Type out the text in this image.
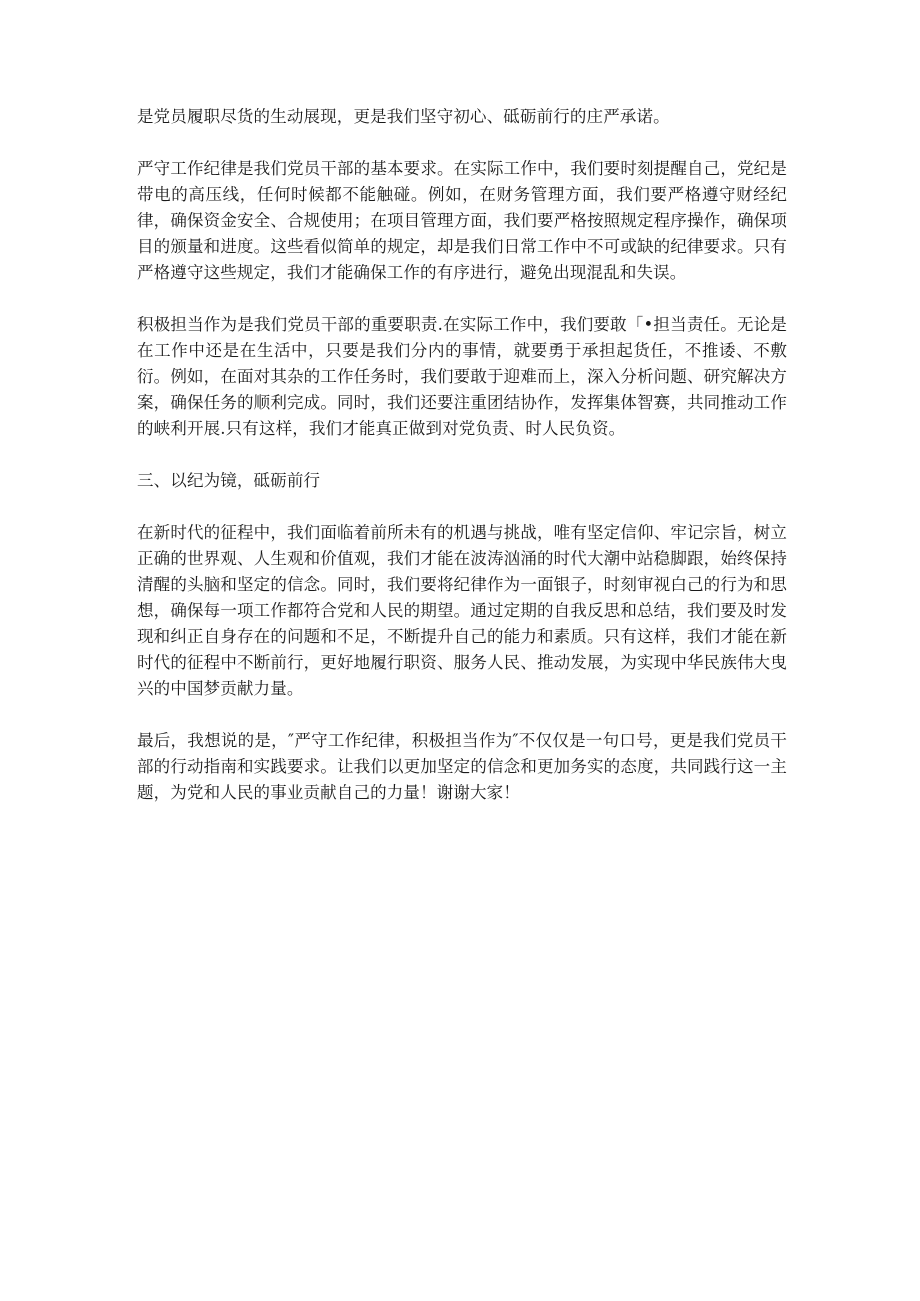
是党员履职尽货的生动展现，更是我们坚守初心、砥砺前行的庄严承诺。

严守工作纪律是我们党员干部的基本要求。在实际工作中，我们要时刻提醒自己，党纪是带电的高压线，任何时候都不能触碰。例如，在财务管理方面，我们要严格遵守财经纪律，确保资金安全、合规使用；在项目管理方面，我们要严格按照规定程序操作，确保项目的颁量和进度。这些看似简单的规定，却是我们日常工作中不可或缺的纪律要求。只有严格遵守这些规定，我们才能确保工作的有序进行，避免出现混乱和失误。

积极担当作为是我们党员干部的重要职责.在实际工作中，我们要敢「•担当责任。无论是在工作中还是在生活中，只要是我们分内的事情，就要勇于承担起货任，不推诿、不敷衍。例如，在面对其杂的工作任务时，我们要敢于迎难而上，深入分析问题、研究解决方案，确保任务的顺利完成。同时，我们还要注重团结协作，发挥集体智赛，共同推动工作的峡利开展.只有这样，我们才能真正做到对党负责、时人民负资。

三、以纪为镜，砥砺前行

在新时代的征程中，我们面临着前所未有的机遇与挑战，唯有坚定信仰、牢记宗旨，树立正确的世界观、人生观和价值观，我们才能在波涛汹涌的时代大潮中站稳脚跟，始终保持清醒的头脑和坚定的信念。同时，我们要将纪律作为一面银子，时刻审视白己的行为和思想，确保每一项工作都符合党和人民的期望。通过定期的自我反思和总结，我们要及时发现和纠正自身存在的问题和不足，不断提升自己的能力和素质。只有这样，我们才能在新时代的征程中不断前行，更好地履行职资、服务人民、推动发展，为实现中华民族伟大曳兴的中国梦贡献力量。

最后，我想说的是，″严守工作纪律，积极担当作为″不仅仅是一句口号，更是我们党员干部的行动指南和实践要求。让我们以更加坚定的信念和更加务实的态度，共同践行这一主题，为党和人民的事业贡献自己的力量！谢谢大家！
